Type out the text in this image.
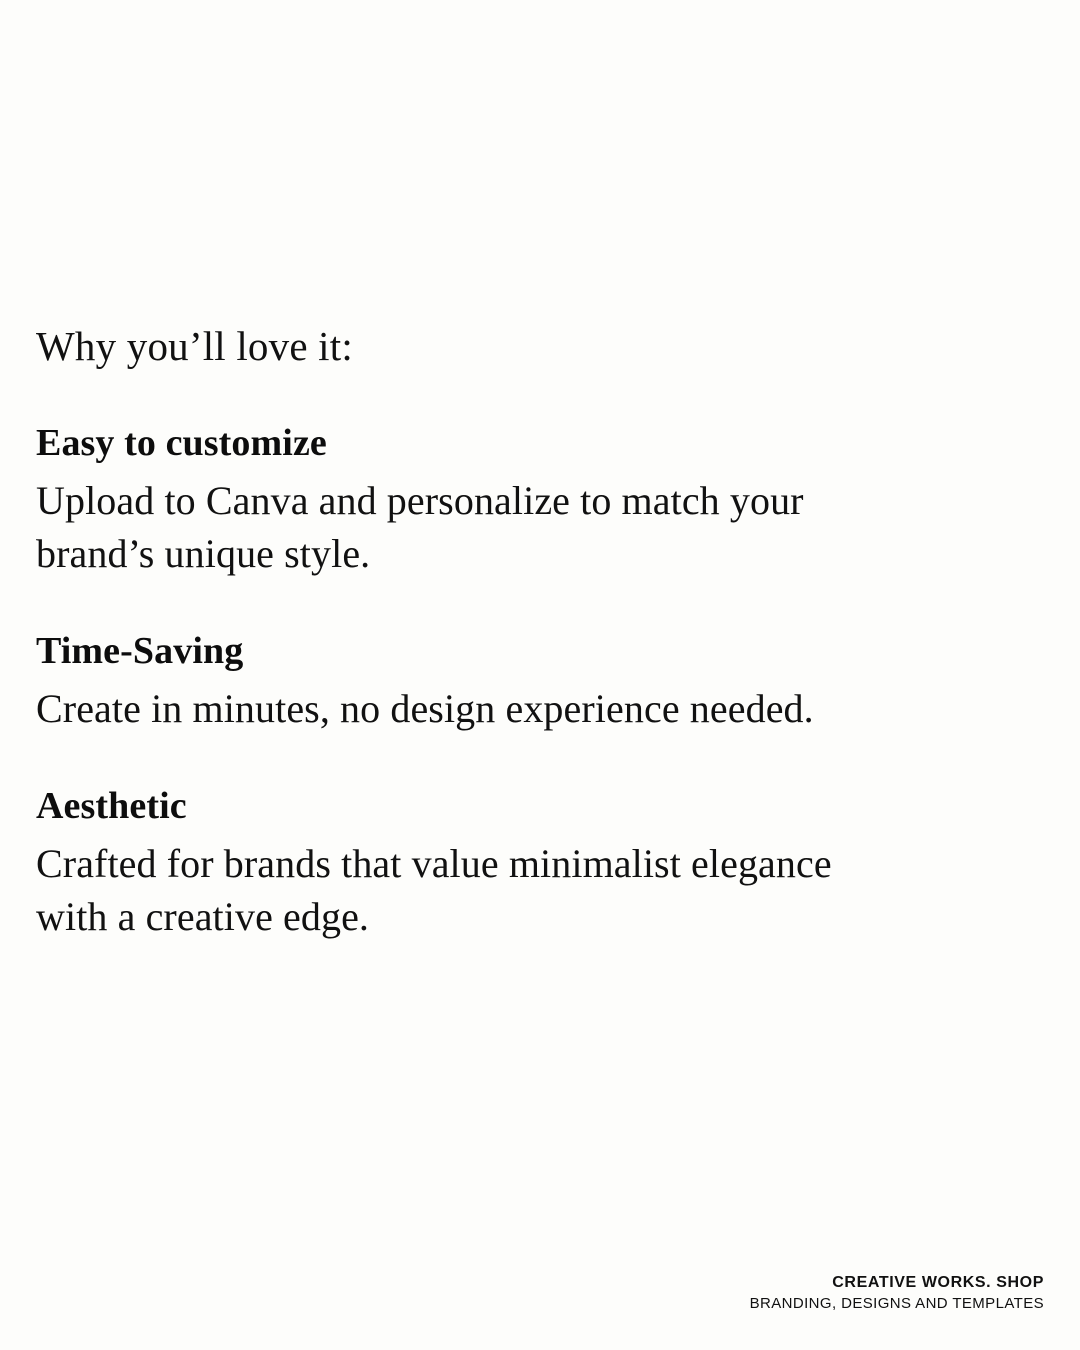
Why you’ll love it:

Easy to customize

Upload to Canva and personalize to match your brand’s unique style.

Time-Saving

Create in minutes, no design experience needed.

Aesthetic

Crafted for brands that value minimalist elegance with a creative edge.

CREATIVE WORKS. SHOP
BRANDING, DESIGNS AND TEMPLATES
